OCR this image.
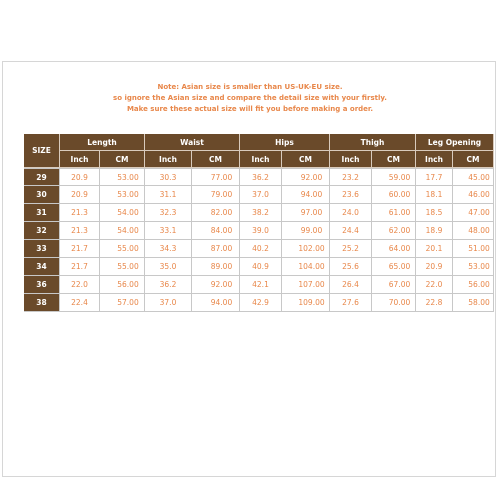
Note: Asian size is smaller than US-UK-EU size.
so ignore the Asian size and compare the detail size with your firstly.
Make sure these actual size will fit you before making a order.
SIZE	Length		Waist		Hips		Thigh		Leg Opening	
	Inch	CM	Inch	CM	Inch	CM	Inch	CM	Inch	CM
29	20.9	53.00	30.3	77.00	36.2	92.00	23.2	59.00	17.7	45.00
30	20.9	53.00	31.1	79.00	37.0	94.00	23.6	60.00	18.1	46.00
31	21.3	54.00	32.3	82.00	38.2	97.00	24.0	61.00	18.5	47.00
32	21.3	54.00	33.1	84.00	39.0	99.00	24.4	62.00	18.9	48.00
33	21.7	55.00	34.3	87.00	40.2	102.00	25.2	64.00	20.1	51.00
34	21.7	55.00	35.0	89.00	40.9	104.00	25.6	65.00	20.9	53.00
36	22.0	56.00	36.2	92.00	42.1	107.00	26.4	67.00	22.0	56.00
38	22.4	57.00	37.0	94.00	42.9	109.00	27.6	70.00	22.8	58.00
